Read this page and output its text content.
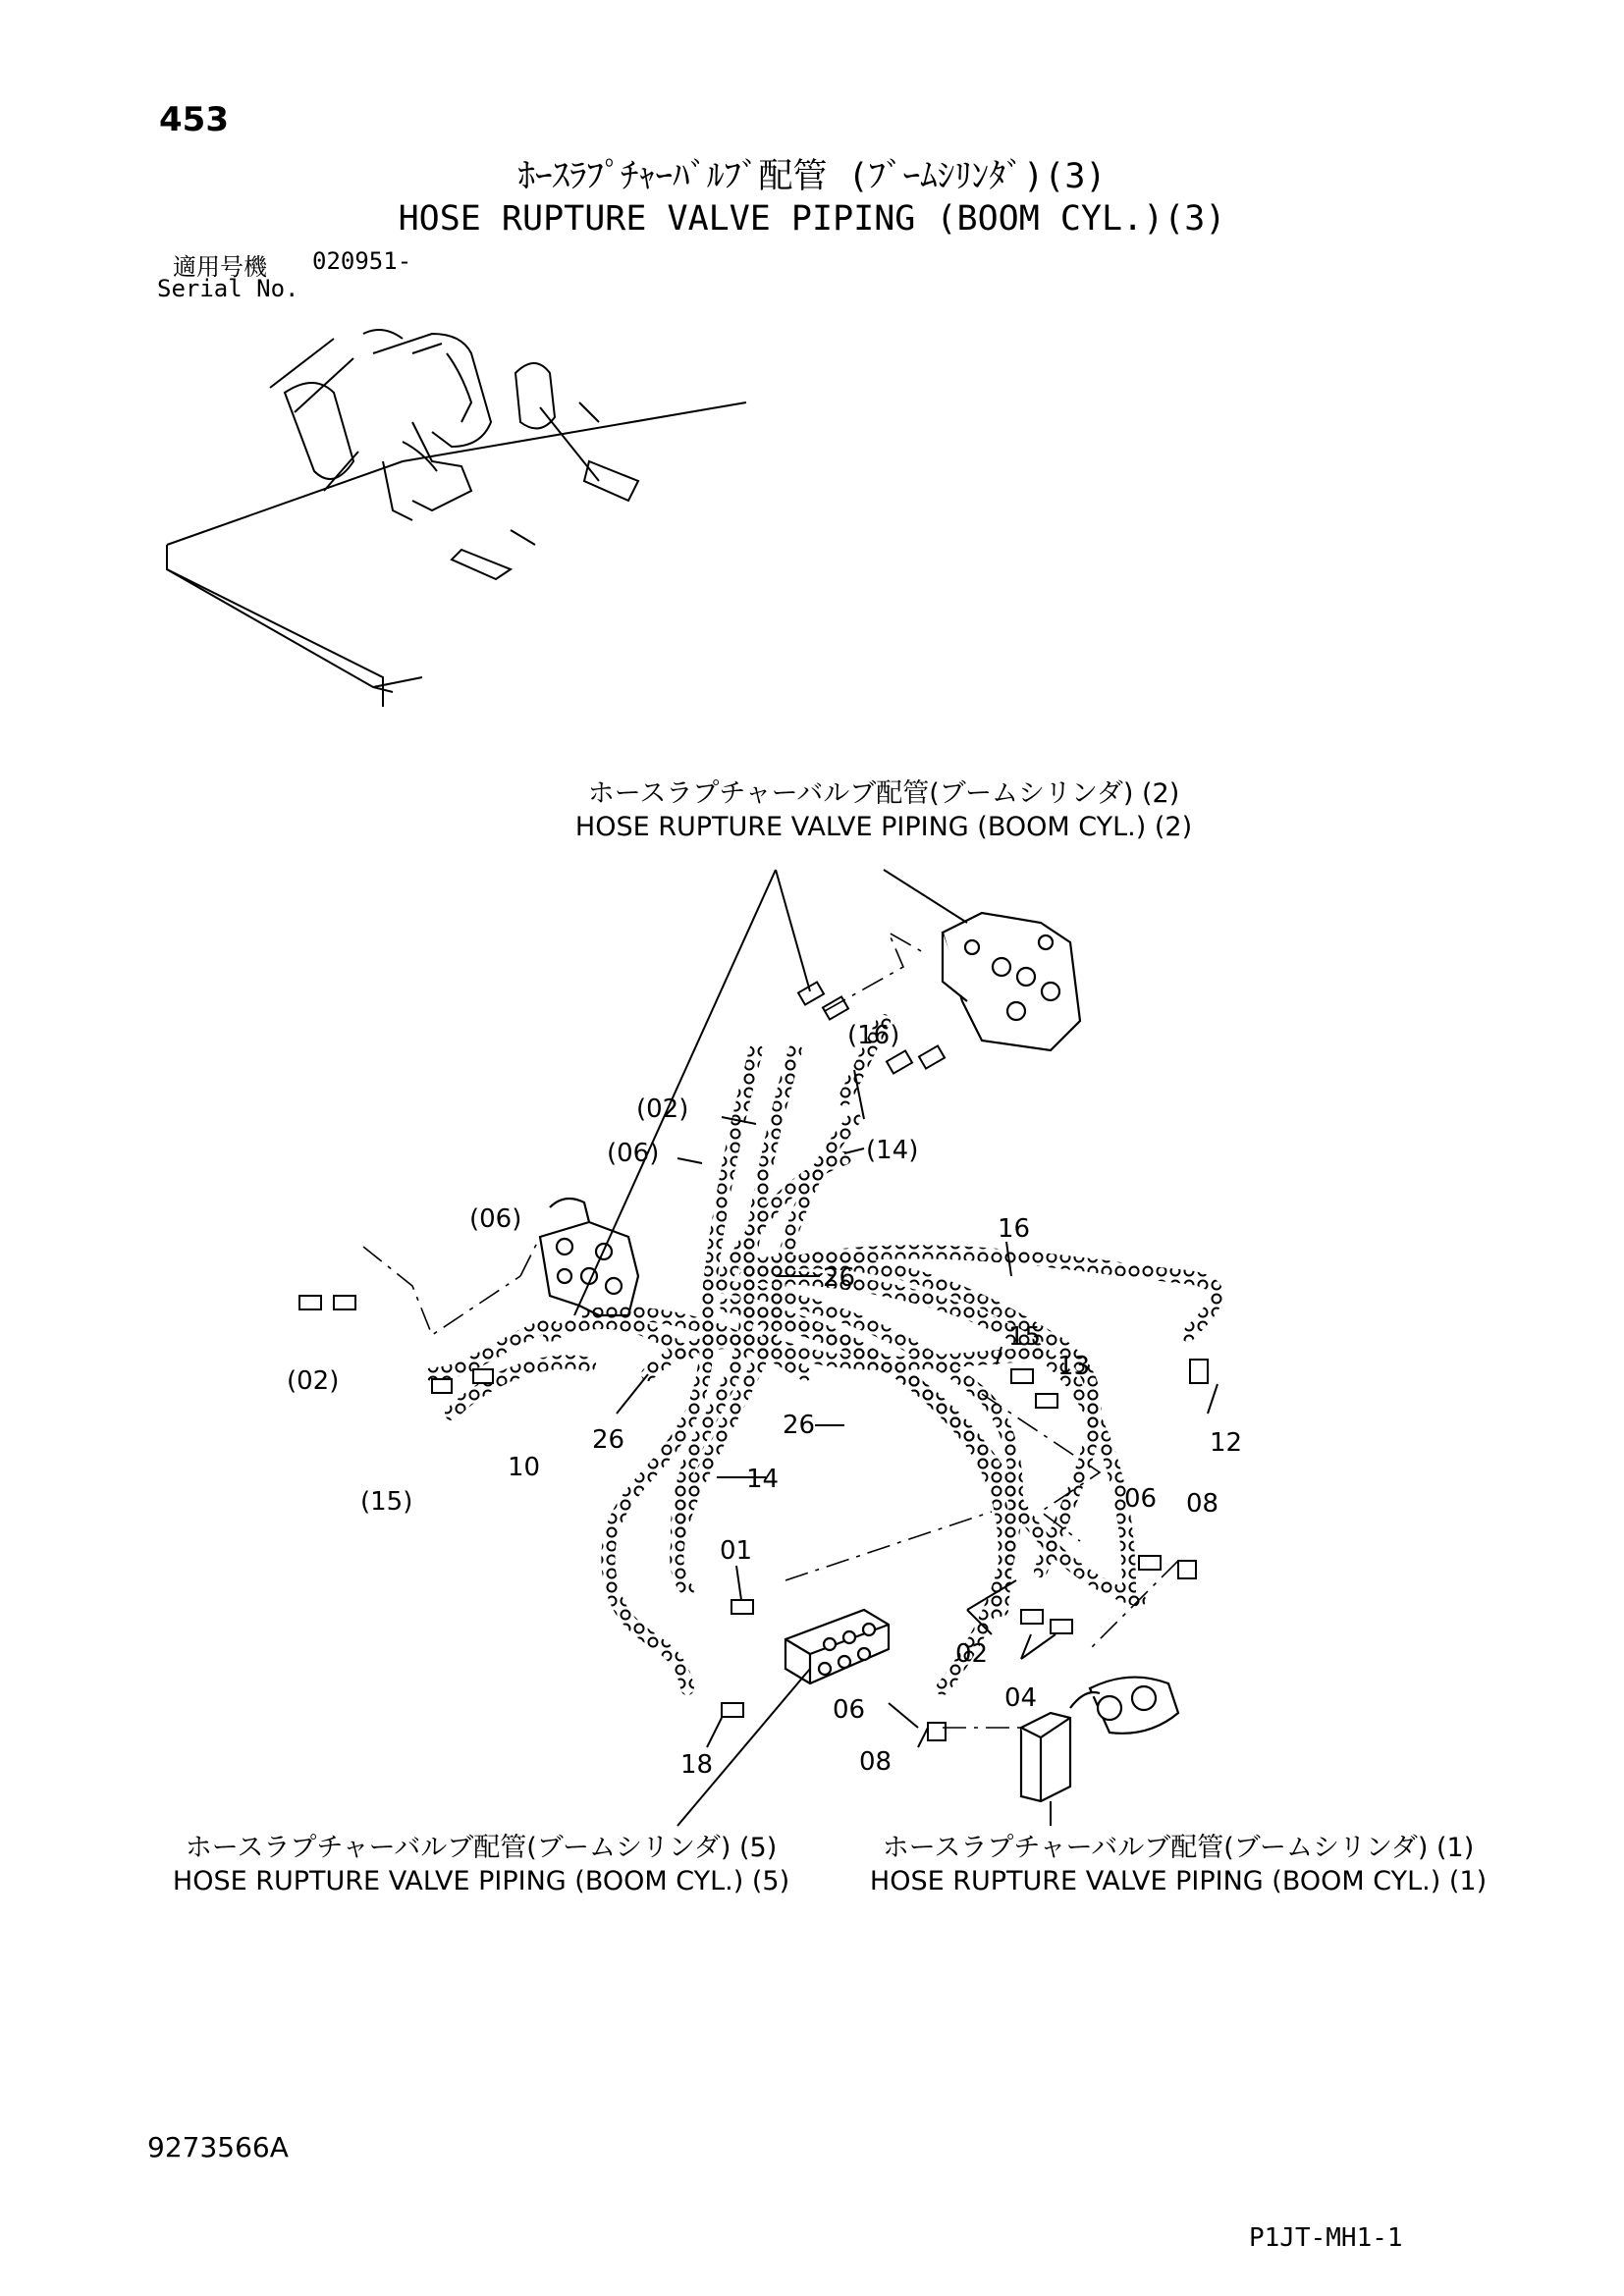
453
ﾎｰｽﾗﾌﾟﾁｬｰﾊﾞﾙﾌﾞ配管 (ﾌﾞｰﾑｼﾘﾝﾀﾞ)(3)
HOSE RUPTURE VALVE PIPING (BOOM CYL.)(3)
適用号機 020951-
Serial No.
ホースラプチャーバルブ配管(ブームシリンダ) (2)
HOSE RUPTURE VALVE PIPING (BOOM CYL.) (2)
ホースラプチャーバルブ配管(ブームシリンダ) (5)
HOSE RUPTURE VALVE PIPING (BOOM CYL.) (5)
ホースラプチャーバルブ配管(ブームシリンダ) (1)
HOSE RUPTURE VALVE PIPING (BOOM CYL.) (1)
(16)
(02)
(06)	(14)
(06)	16
26
15
13
(02)
26	26
12
(15)
10	14
06 08
01
02
04
06
08
18
9273566A
P1JT-MH1-1
